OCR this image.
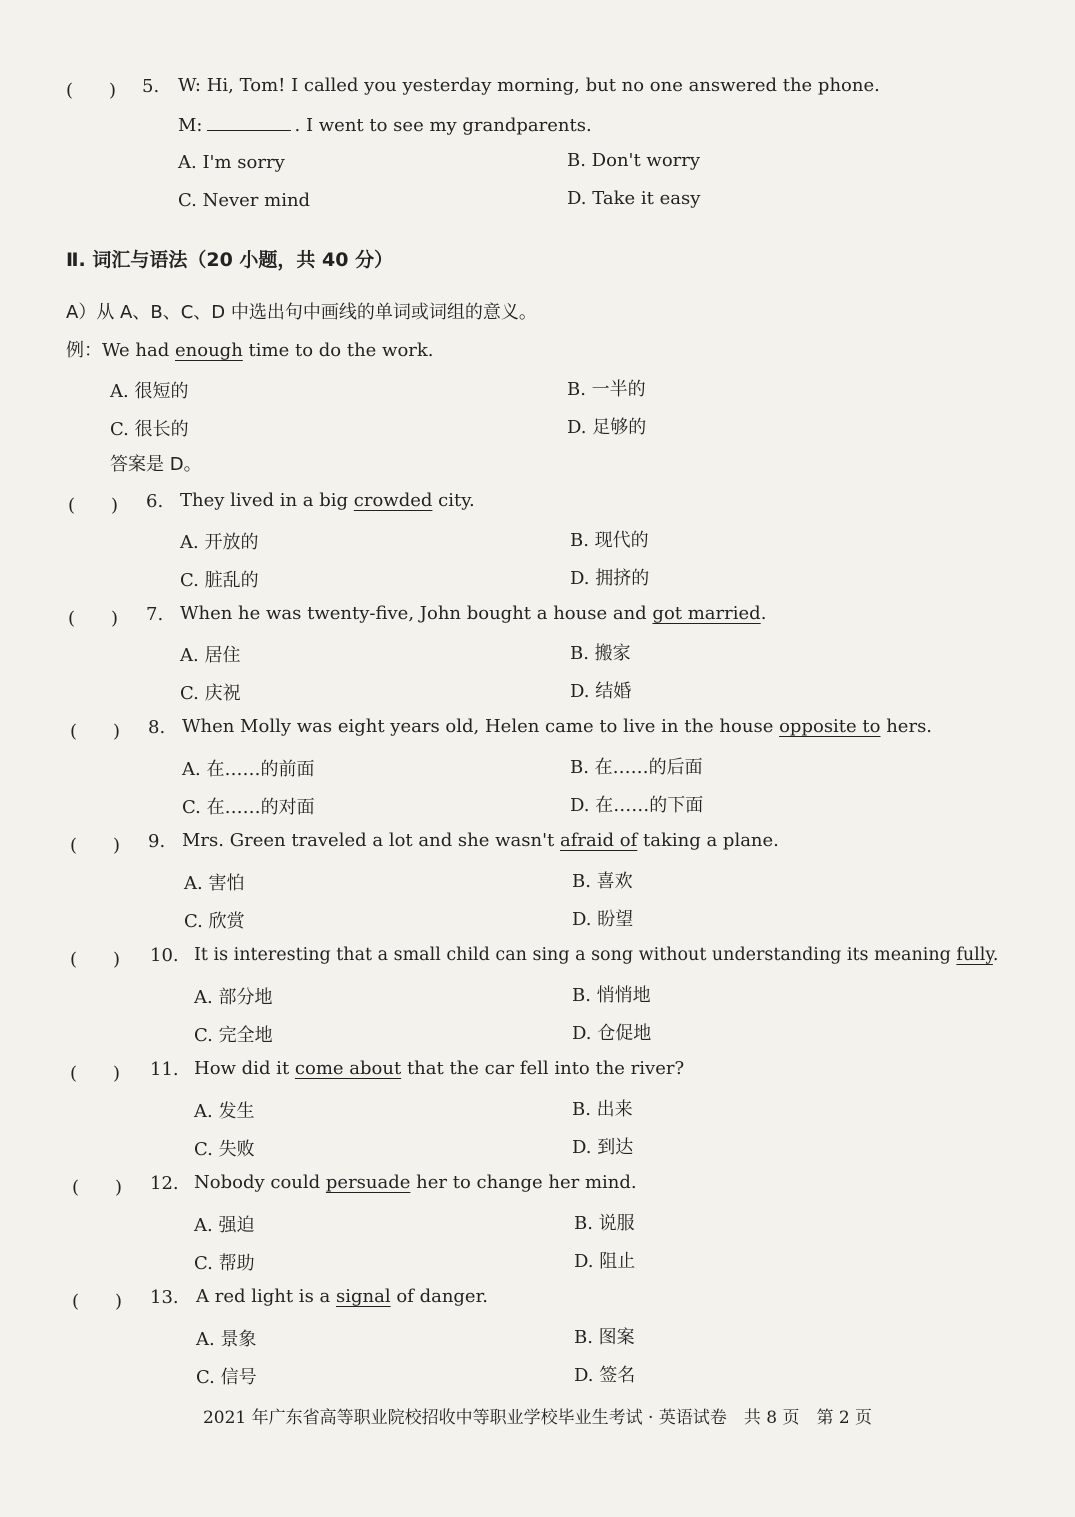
(　　) 5. W: Hi, Tom! I called you yesterday morning, but no one answered the phone.
M:	. I went to see my grandparents.
A. I'm sorry	B. Don't worry
C. Never mind	D. Take it easy
Ⅱ. 词汇与语法（20 小题，共 40 分）
A）从 A、B、C、D 中选出句中画线的单词或词组的意义。
例：We had enough time to do the work.
A. 很短的	B. 一半的
C. 很长的	D. 足够的
答案是 D。
(　　) 6. They lived in a big crowded city.
A. 开放的	B. 现代的
C. 脏乱的	D. 拥挤的
(　　) 7. When he was twenty-five, John bought a house and got married.
A. 居住	B. 搬家
C. 庆祝	D. 结婚
(　　) 8. When Molly was eight years old, Helen came to live in the house opposite to hers.
A. 在……的前面	B. 在……的后面
C. 在……的对面	D. 在……的下面
(　　) 9. Mrs. Green traveled a lot and she wasn't afraid of taking a plane.
A. 害怕	B. 喜欢
C. 欣赏	D. 盼望
(　　) 10. It is interesting that a small child can sing a song without understanding its meaning fully.
A. 部分地	B. 悄悄地
C. 完全地	D. 仓促地
(　　) 11. How did it come about that the car fell into the river?
A. 发生	B. 出来
C. 失败	D. 到达
(　　) 12. Nobody could persuade her to change her mind.
A. 强迫	B. 说服
C. 帮助	D. 阻止
(　　) 13. A red light is a signal of danger.
A. 景象	B. 图案
C. 信号	D. 签名
2021 年广东省高等职业院校招收中等职业学校毕业生考试 · 英语试卷　共 8 页　第 2 页
